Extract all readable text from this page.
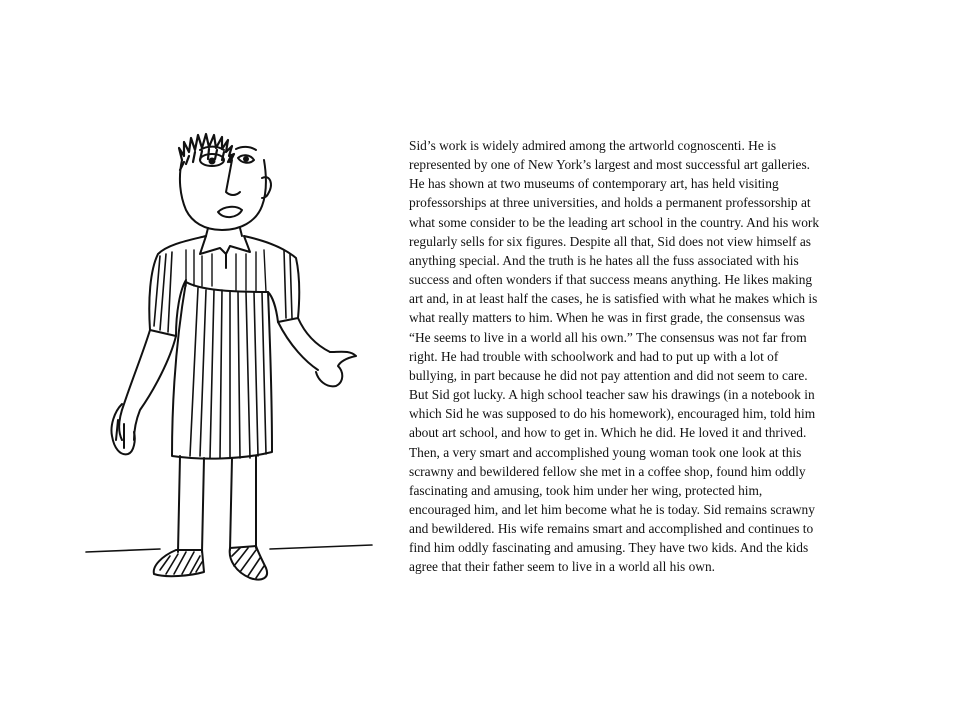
Sid’s work is widely admired among the artworld cognoscenti. He is
represented by one of New York’s largest and most successful art galleries.
He has shown at two museums of contemporary art, has held visiting
professorships at three universities, and holds a permanent professorship at
what some consider to be the leading art school in the country. And his work
regularly sells for six figures. Despite all that, Sid does not view himself as
anything special. And the truth is he hates all the fuss associated with his
success and often wonders if that success means anything. He likes making
art and, in at least half the cases, he is satisfied with what he makes which is
what really matters to him. When he was in first grade, the consensus was
“He seems to live in a world all his own.” The consensus was not far from
right. He had trouble with schoolwork and had to put up with a lot of
bullying, in part because he did not pay attention and did not seem to care.
But Sid got lucky. A high school teacher saw his drawings (in a notebook in
which Sid he was supposed to do his homework), encouraged him, told him
about art school, and how to get in. Which he did. He loved it and thrived.
Then, a very smart and accomplished young woman took one look at this
scrawny and bewildered fellow she met in a coffee shop, found him oddly
fascinating and amusing, took him under her wing, protected him,
encouraged him, and let him become what he is today. Sid remains scrawny
and bewildered. His wife remains smart and accomplished and continues to
find him oddly fascinating and amusing. They have two kids. And the kids
agree that their father seem to live in a world all his own.
